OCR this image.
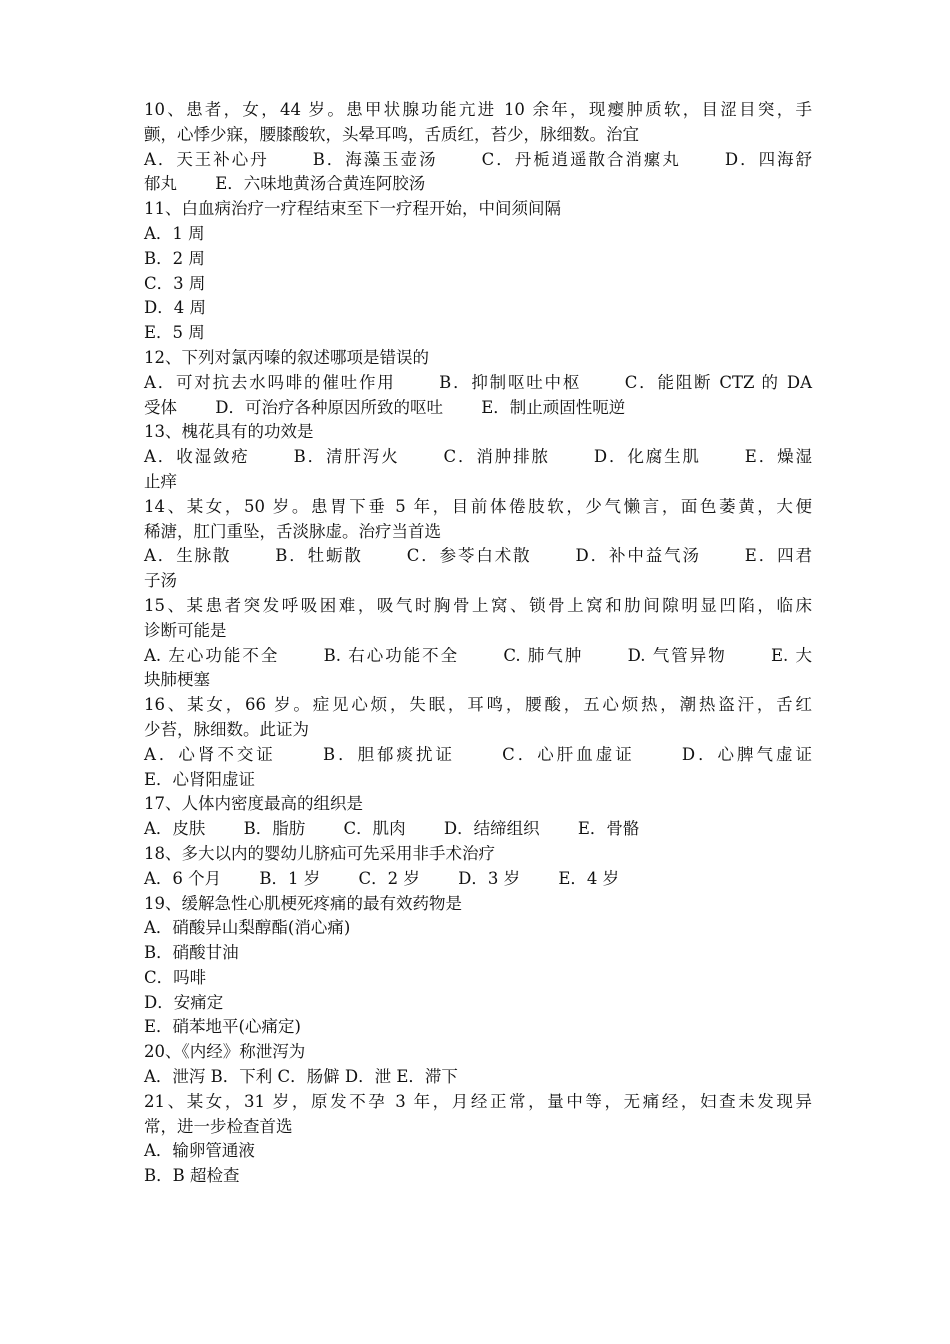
10、患者，女，44 岁。患甲状腺功能亢进 10 余年，现瘿肿质软，目涩目突，手
颤，心悸少寐，腰膝酸软，头晕耳鸣，舌质红，苔少，脉细数。治宜
A．天王补心丹 　　B．海藻玉壶汤 　　C．丹栀逍遥散合消瘰丸 　　D．四海舒
郁丸 　　E．六味地黄汤合黄连阿胶汤
11、白血病治疗一疗程结束至下一疗程开始，中间须间隔
A．1 周
B．2 周
C．3 周
D．4 周
E．5 周
12、下列对氯丙嗪的叙述哪项是错误的
A．可对抗去水吗啡的催吐作用 　　B．抑制呕吐中枢 　　C．能阻断 CTZ 的 DA
受体 　　D．可治疗各种原因所致的呕吐 　　E．制止顽固性呃逆
13、槐花具有的功效是
A．收湿敛疮 　　B．清肝泻火 　　C．消肿排脓 　　D．化腐生肌 　　E．燥湿
止痒
14、某女，50 岁。患胃下垂 5 年，目前体倦肢软，少气懒言，面色萎黄，大便
稀溏，肛门重坠，舌淡脉虚。治疗当首选
A．生脉散 　　B．牡蛎散 　　C．参苓白术散 　　D．补中益气汤 　　E．四君
子汤
15、某患者突发呼吸困难，吸气时胸骨上窝、锁骨上窝和肋间隙明显凹陷，临床
诊断可能是
A. 左心功能不全 　　B. 右心功能不全 　　C. 肺气肿 　　D. 气管异物 　　E. 大
块肺梗塞
16、某女，66 岁。症见心烦，失眠，耳鸣，腰酸，五心烦热，潮热盗汗，舌红
少苔，脉细数。此证为
A．心肾不交证 　　B．胆郁痰扰证 　　C．心肝血虚证 　　D．心脾气虚证
E．心肾阳虚证
17、人体内密度最高的组织是
A．皮肤 　　B．脂肪 　　C．肌肉 　　D．结缔组织 　　E．骨骼
18、多大以内的婴幼儿脐疝可先采用非手术治疗
A．6 个月 　　B．1 岁 　　C．2 岁 　　D．3 岁 　　E．4 岁
19、缓解急性心肌梗死疼痛的最有效药物是
A．硝酸异山梨醇酯(消心痛)
B．硝酸甘油
C．吗啡
D．安痛定
E．硝苯地平(心痛定)
20、《内经》称泄泻为
A．泄泻 B．下利 C．肠僻 D．泄 E．滞下
21、某女，31 岁，原发不孕 3 年，月经正常，量中等，无痛经，妇查未发现异
常，进一步检查首选
A．输卵管通液
B．B 超检查
